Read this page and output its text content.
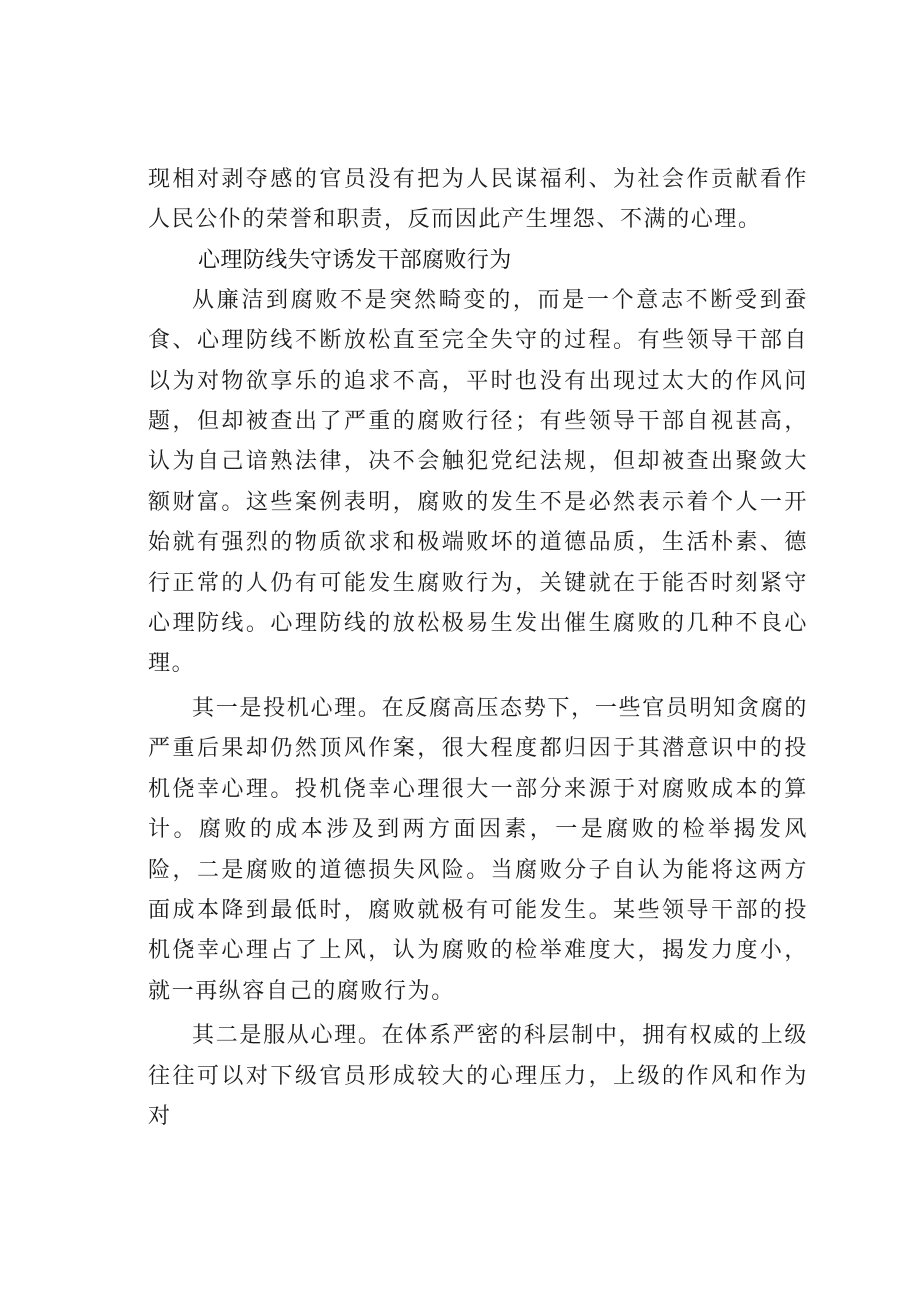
现相对剥夺感的官员没有把为人民谋福利、为社会作贡献看作人民公仆的荣誉和职责，反而因此产生埋怨、不满的心理。

心理防线失守诱发干部腐败行为

从廉洁到腐败不是突然畸变的，而是一个意志不断受到蚕食、心理防线不断放松直至完全失守的过程。有些领导干部自以为对物欲享乐的追求不高，平时也没有出现过太大的作风问题，但却被查出了严重的腐败行径；有些领导干部自视甚高，认为自己谙熟法律，决不会触犯党纪法规，但却被查出聚敛大额财富。这些案例表明，腐败的发生不是必然表示着个人一开始就有强烈的物质欲求和极端败坏的道德品质，生活朴素、德行正常的人仍有可能发生腐败行为，关键就在于能否时刻紧守心理防线。心理防线的放松极易生发出催生腐败的几种不良心理。

其一是投机心理。在反腐高压态势下，一些官员明知贪腐的严重后果却仍然顶风作案，很大程度都归因于其潜意识中的投机侥幸心理。投机侥幸心理很大一部分来源于对腐败成本的算计。腐败的成本涉及到两方面因素，一是腐败的检举揭发风险，二是腐败的道德损失风险。当腐败分子自认为能将这两方面成本降到最低时，腐败就极有可能发生。某些领导干部的投机侥幸心理占了上风，认为腐败的检举难度大，揭发力度小，就一再纵容自己的腐败行为。

其二是服从心理。在体系严密的科层制中，拥有权威的上级往往可以对下级官员形成较大的心理压力，上级的作风和作为对
